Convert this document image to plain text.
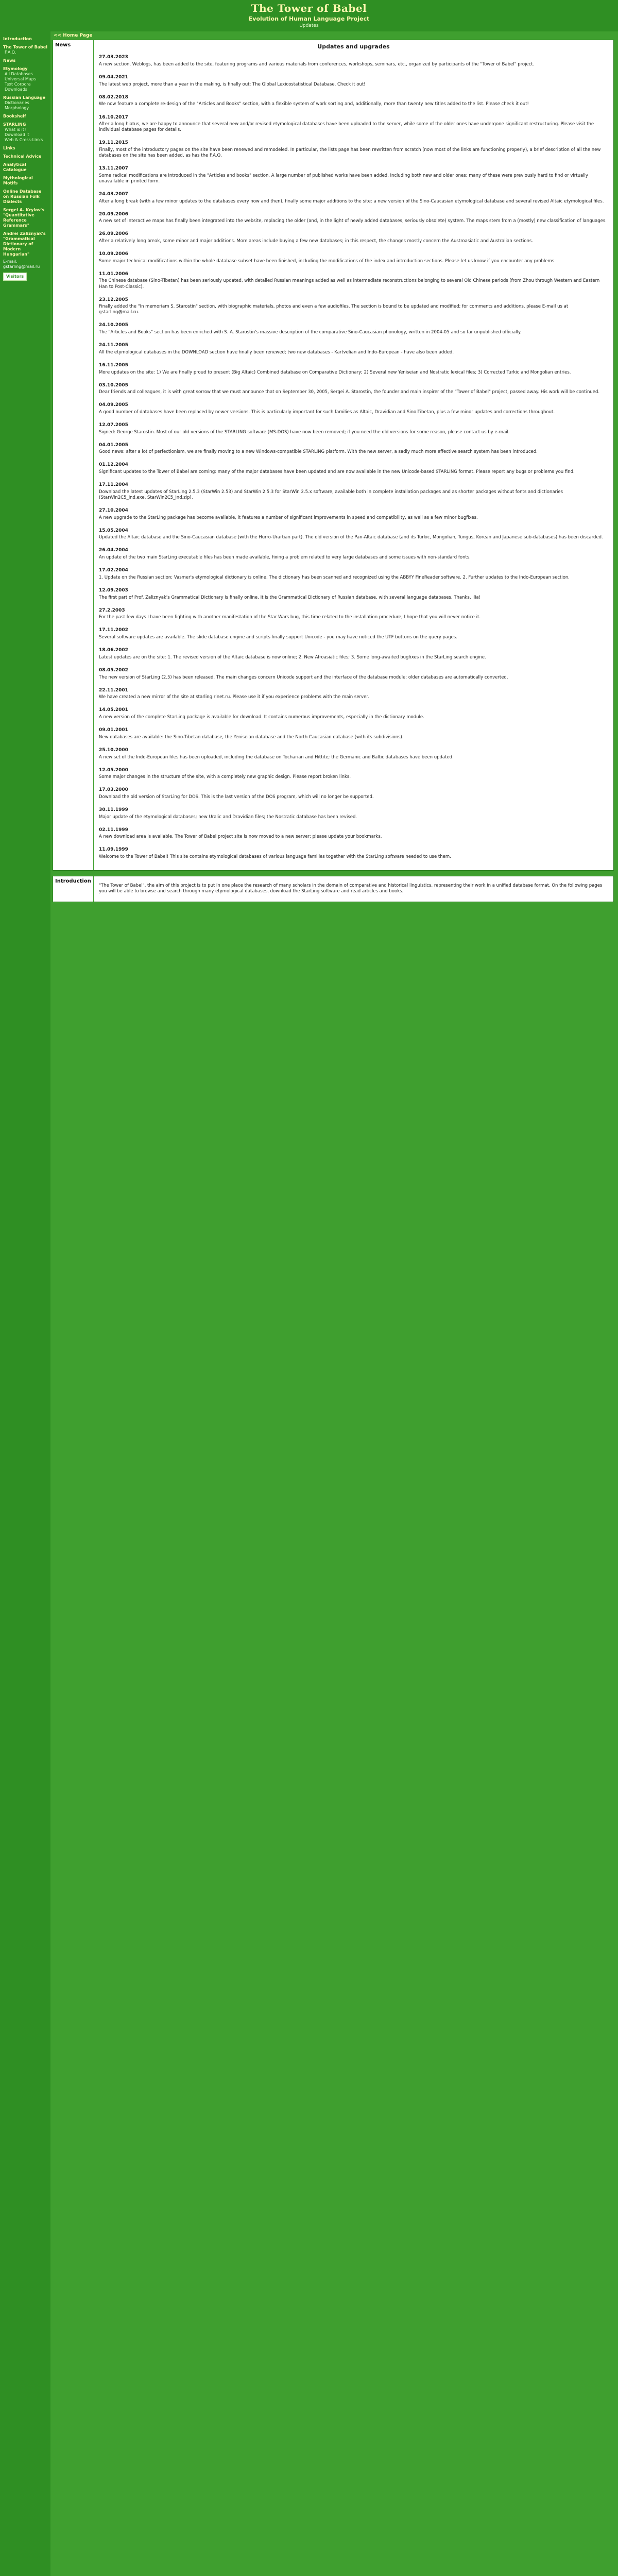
The Tower of Babel
Evolution of Human Language Project
Updates
Introduction
The Tower of Babel
F.A.Q.
News
Etymology
All Databases
Universal Maps
Text Corpora
Downloads
Russian Language
Dictionaries
Morphology
Bookshelf
STARLING
What is it?
Download it
Web & Cross-Links
Links
Technical Advice
Analytical Catalogue
Mythological Motifs
Online Database on Russian Folk Dialects
Sergei A. Krylov's "Quantitative Reference Grammars"
Andrei Zaliznyak's "Grammatical Dictionary of Modern Hungarian"
E-mail:
gstarling@mail.ru
Visitors
<< Home Page
News	Updates and upgrades
27.03.2023

A new section, Weblogs, has been added to the site, featuring programs and various materials from conferences, workshops, seminars, etc., organized by participants of the "Tower of Babel" project.

09.04.2021

The latest web project, more than a year in the making, is finally out: The Global Lexicostatistical Database. Check it out!

08.02.2018

We now feature a complete re-design of the "Articles and Books" section, with a flexible system of work sorting and, additionally, more than twenty new titles added to the list. Please check it out!

16.10.2017

After a long hiatus, we are happy to announce that several new and/or revised etymological databases have been uploaded to the server, while some of the older ones have undergone significant restructuring. Please visit the individual database pages for details.

19.11.2015

Finally, most of the introductory pages on the site have been renewed and remodeled. In particular, the lists page has been rewritten from scratch (now most of the links are functioning properly), a brief description of all the new databases on the site has been added, as has the F.A.Q.

13.11.2007

Some radical modifications are introduced in the "Articles and books" section. A large number of published works have been added, including both new and older ones; many of these were previously hard to find or virtually unavailable in printed form.

24.03.2007

After a long break (with a few minor updates to the databases every now and then), finally some major additions to the site: a new version of the Sino-Caucasian etymological database and several revised Altaic etymological files.

20.09.2006

A new set of interactive maps has finally been integrated into the website, replacing the older (and, in the light of newly added databases, seriously obsolete) system. The maps stem from a (mostly) new classification of languages.

26.09.2006

After a relatively long break, some minor and major additions. More areas include buying a few new databases; in this respect, the changes mostly concern the Austroasiatic and Australian sections.

10.09.2006

Some major technical modifications within the whole database subset have been finished, including the modifications of the index and introduction sections. Please let us know if you encounter any problems.

11.01.2006

The Chinese database (Sino-Tibetan) has been seriously updated, with detailed Russian meanings added as well as intermediate reconstructions belonging to several Old Chinese periods (from Zhou through Western and Eastern Han to Post-Classic).

23.12.2005

Finally added the "In memoriam S. Starostin" section, with biographic materials, photos and even a few audiofiles. The section is bound to be updated and modified; for comments and additions, please E-mail us at gstarling@mail.ru.

24.10.2005

The "Articles and Books" section has been enriched with S. A. Starostin's massive description of the comparative Sino-Caucasian phonology, written in 2004-05 and so far unpublished officially.

24.11.2005

All the etymological databases in the DOWNLOAD section have finally been renewed; two new databases - Kartvelian and Indo-European - have also been added.

16.11.2005

More updates on the site: 1) We are finally proud to present (Big Altaic) Combined database on Comparative Dictionary; 2) Several new Yeniseian and Nostratic lexical files; 3) Corrected Turkic and Mongolian entries.

03.10.2005

Dear friends and colleagues, it is with great sorrow that we must announce that on September 30, 2005, Sergei A. Starostin, the founder and main inspirer of the "Tower of Babel" project, passed away. His work will be continued.

04.09.2005

A good number of databases have been replaced by newer versions. This is particularly important for such families as Altaic, Dravidian and Sino-Tibetan, plus a few minor updates and corrections throughout.

12.07.2005

Signed: George Starostin. Most of our old versions of the STARLING software (MS-DOS) have now been removed; if you need the old versions for some reason, please contact us by e-mail.

04.01.2005

Good news: after a lot of perfectionism, we are finally moving to a new Windows-compatible STARLING platform. With the new server, a sadly much more effective search system has been introduced.

01.12.2004

Significant updates to the Tower of Babel are coming: many of the major databases have been updated and are now available in the new Unicode-based STARLING format. Please report any bugs or problems you find.

17.11.2004

Download the latest updates of StarLing 2.5.3 (StarWin 2.53) and StarWin 2.5.3 for StarWin 2.5.x software, available both in complete installation packages and as shorter packages without fonts and dictionaries (StarWin2C5_ind.exe, StarWin2C5_ind.zip).

27.10.2004

A new upgrade to the StarLing package has become available, it features a number of significant improvements in speed and compatibility, as well as a few minor bugfixes.

15.05.2004

Updated the Altaic database and the Sino-Caucasian database (with the Hurro-Urartian part). The old version of the Pan-Altaic database (and its Turkic, Mongolian, Tungus, Korean and Japanese sub-databases) has been discarded.

26.04.2004

An update of the two main StarLing executable files has been made available, fixing a problem related to very large databases and some issues with non-standard fonts.

17.02.2004

1. Update on the Russian section; Vasmer's etymological dictionary is online. The dictionary has been scanned and recognized using the ABBYY FineReader software. 2. Further updates to the Indo-European section.

12.09.2003

The first part of Prof. Zaliznyak's Grammatical Dictionary is finally online. It is the Grammatical Dictionary of Russian database, with several language databases. Thanks, Ilia!

27.2.2003

For the past few days I have been fighting with another manifestation of the Star Wars bug, this time related to the installation procedure; I hope that you will never notice it.

17.11.2002

Several software updates are available. The slide database engine and scripts finally support Unicode - you may have noticed the UTF buttons on the query pages.

18.06.2002

Latest updates are on the site: 1. The revised version of the Altaic database is now online; 2. New Afroasiatic files; 3. Some long-awaited bugfixes in the StarLing search engine.

08.05.2002

The new version of StarLing (2.5) has been released. The main changes concern Unicode support and the interface of the database module; older databases are automatically converted.

22.11.2001

We have created a new mirror of the site at starling.rinet.ru. Please use it if you experience problems with the main server.

14.05.2001

A new version of the complete StarLing package is available for download. It contains numerous improvements, especially in the dictionary module.

09.01.2001

New databases are available: the Sino-Tibetan database, the Yeniseian database and the North Caucasian database (with its subdivisions).

25.10.2000

A new set of the Indo-European files has been uploaded, including the database on Tocharian and Hittite; the Germanic and Baltic databases have been updated.

12.05.2000

Some major changes in the structure of the site, with a completely new graphic design. Please report broken links.

17.03.2000

Download the old version of StarLing for DOS. This is the last version of the DOS program, which will no longer be supported.

30.11.1999

Major update of the etymological databases; new Uralic and Dravidian files; the Nostratic database has been revised.

02.11.1999

A new download area is available. The Tower of Babel project site is now moved to a new server; please update your bookmarks.

11.09.1999

Welcome to the Tower of Babel! This site contains etymological databases of various language families together with the StarLing software needed to use them.

Introduction

"The Tower of Babel", the aim of this project is to put in one place the research of many scholars in the domain of comparative and historical linguistics, representing their work in a unified database format. On the following pages you will be able to browse and search through many etymological databases, download the StarLing software and read articles and books.
